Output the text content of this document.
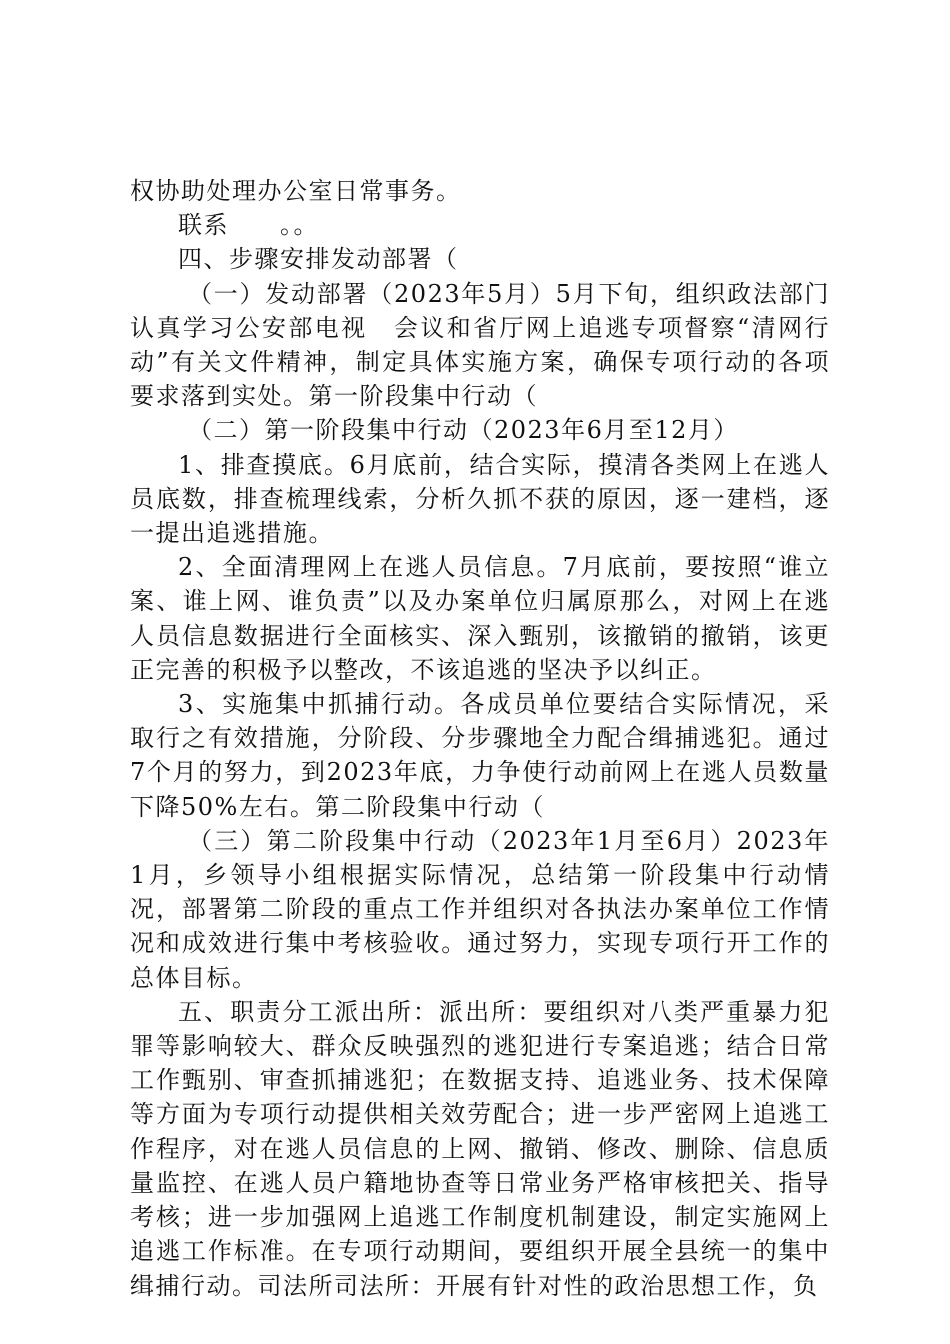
权协助处理办公室日常事务。

联系　　。。

四、步骤安排发动部署（

（一）发动部署（2023年5月）5月下旬，组织政法部门认真学习公安部电视　会议和省厅网上追逃专项督察“清网行动”有关文件精神，制定具体实施方案，确保专项行动的各项要求落到实处。第一阶段集中行动（

（二）第一阶段集中行动（2023年6月至12月）

1、排查摸底。6月底前，结合实际，摸清各类网上在逃人员底数，排查梳理线索，分析久抓不获的原因，逐一建档，逐一提出追逃措施。

2、全面清理网上在逃人员信息。7月底前，要按照“谁立案、谁上网、谁负责”以及办案单位归属原那么，对网上在逃人员信息数据进行全面核实、深入甄别，该撤销的撤销，该更正完善的积极予以整改，不该追逃的坚决予以纠正。

3、实施集中抓捕行动。各成员单位要结合实际情况，采取行之有效措施，分阶段、分步骤地全力配合缉捕逃犯。通过7个月的努力，到2023年底，力争使行动前网上在逃人员数量下降50%左右。第二阶段集中行动（

（三）第二阶段集中行动（2023年1月至6月）2023年1月，乡领导小组根据实际情况，总结第一阶段集中行动情况，部署第二阶段的重点工作并组织对各执法办案单位工作情况和成效进行集中考核验收。通过努力，实现专项行开工作的总体目标。

五、职责分工派出所：派出所：要组织对八类严重暴力犯罪等影响较大、群众反映强烈的逃犯进行专案追逃；结合日常工作甄别、审查抓捕逃犯；在数据支持、追逃业务、技术保障等方面为专项行动提供相关效劳配合；进一步严密网上追逃工作程序，对在逃人员信息的上网、撤销、修改、删除、信息质量监控、在逃人员户籍地协查等日常业务严格审核把关、指导考核；进一步加强网上追逃工作制度机制建设，制定实施网上追逃工作标准。在专项行动期间，要组织开展全县统一的集中缉捕行动。司法所司法所：开展有针对性的政治思想工作，负
